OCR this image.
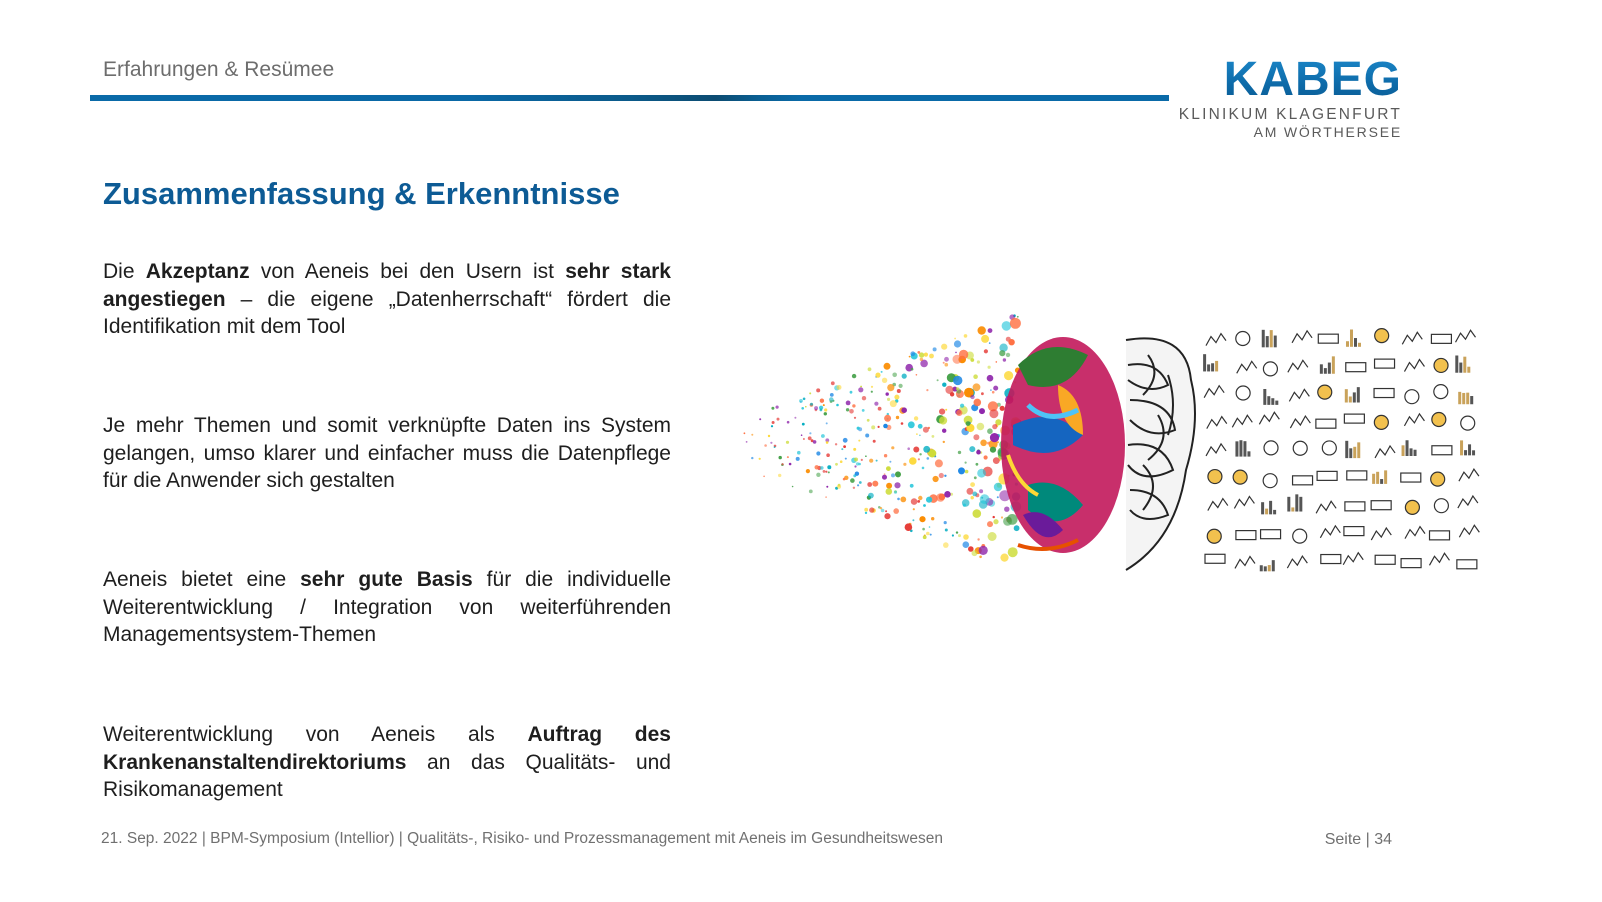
Erfahrungen & Resümee	KABEG
KLINIKUM KLAGENFURT
AM WÖRTHERSEE
Zusammenfassung & Erkenntnisse
Die Akzeptanz von Aeneis bei den Usern ist sehr stark angestiegen – die eigene „Datenherrschaft“ fördert die Identifikation mit dem Tool
Je mehr Themen und somit verknüpfte Daten ins System gelangen, umso klarer und einfacher muss die Datenpflege für die Anwender sich gestalten
Aeneis bietet eine sehr gute Basis für die individuelle Weiterentwicklung / Integration von weiterführenden Managementsystem-Themen
Weiterentwicklung von Aeneis als Auftrag des Krankenanstaltendirektoriums an das Qualitäts- und Risikomanagement
21. Sep. 2022 | BPM-Symposium (Intellior) | Qualitäts-, Risiko- und Prozessmanagement mit Aeneis im Gesundheitswesen	Seite | 34
